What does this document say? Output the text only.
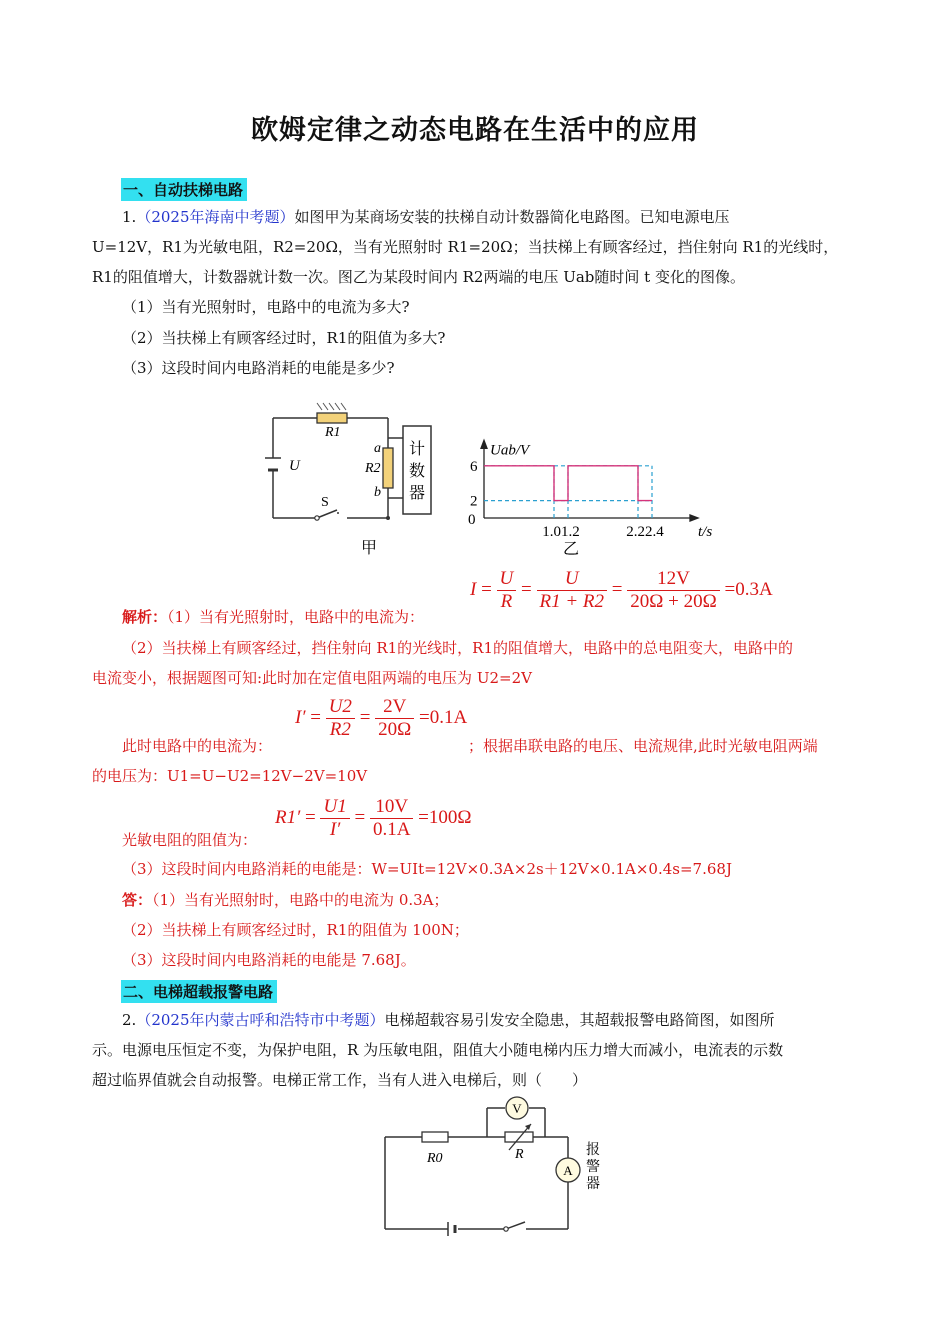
欧姆定律之动态电路在生活中的应用
一、自动扶梯电路
1.（2025年海南中考题）如图甲为某商场安装的扶梯自动计数器简化电路图。已知电源电压
U=12V，R1为光敏电阻，R2=20Ω，当有光照射时 R1=20Ω；当扶梯上有顾客经过，挡住射向 R1的光线时，
R1的阻值增大，计数器就计数一次。图乙为某段时间内 R2两端的电压 Uab随时间 t 变化的图像。
（1）当有光照射时，电路中的电流为多大?
（2）当扶梯上有顾客经过时，R1的阻值为多大?
（3）这段时间内电路消耗的电能是多少?
R1
R2
U
a
b
S
计
数
器
甲
6
2
0
1.01.2	2.22.4 t/s
Uab/V
乙
解析：（1）当有光照射时，电路中的电流为：
$I = \frac{U}{R} = \frac{U}{R1 + R2} = \frac{12V}{20\Omega + 20\Omega} =0.3A$
（2）当扶梯上有顾客经过，挡住射向 R1的光线时，R1的阻值增大，电路中的总电阻变大，电路中的
电流变小，根据题图可知:此时加在定值电阻两端的电压为 U2=2V
$I' = \frac{U2}{R2} = \frac{2V}{20\Omega} =0.1A$
此时电路中的电流为：	；根据串联电路的电压、电流规律,此时光敏电阻两端
的电压为：U1=U−U2=12V−2V=10V
$R1' = \frac{U1}{I'} = \frac{10V}{0.1A} =100\Omega$
光敏电阻的阻值为：
（3）这段时间内电路消耗的电能是：W=UIt=12V×0.3A×2s＋12V×0.1A×0.4s=7.68J
答：（1）当有光照射时，电路中的电流为 0.3A；
（2）当扶梯上有顾客经过时，R1的阻值为 100N；
（3）这段时间内电路消耗的电能是 7.68J。
二、电梯超载报警电路
2.（2025年内蒙古呼和浩特市中考题）电梯超载容易引发安全隐患，其超载报警电路简图，如图所
示。电源电压恒定不变，为保护电阻，R 为压敏电阻，阻值大小随电梯内压力增大而减小，电流表的示数
超过临界值就会自动报警。电梯正常工作，当有人进入电梯后，则（　　）
V
A
R0	R	报
警
器
